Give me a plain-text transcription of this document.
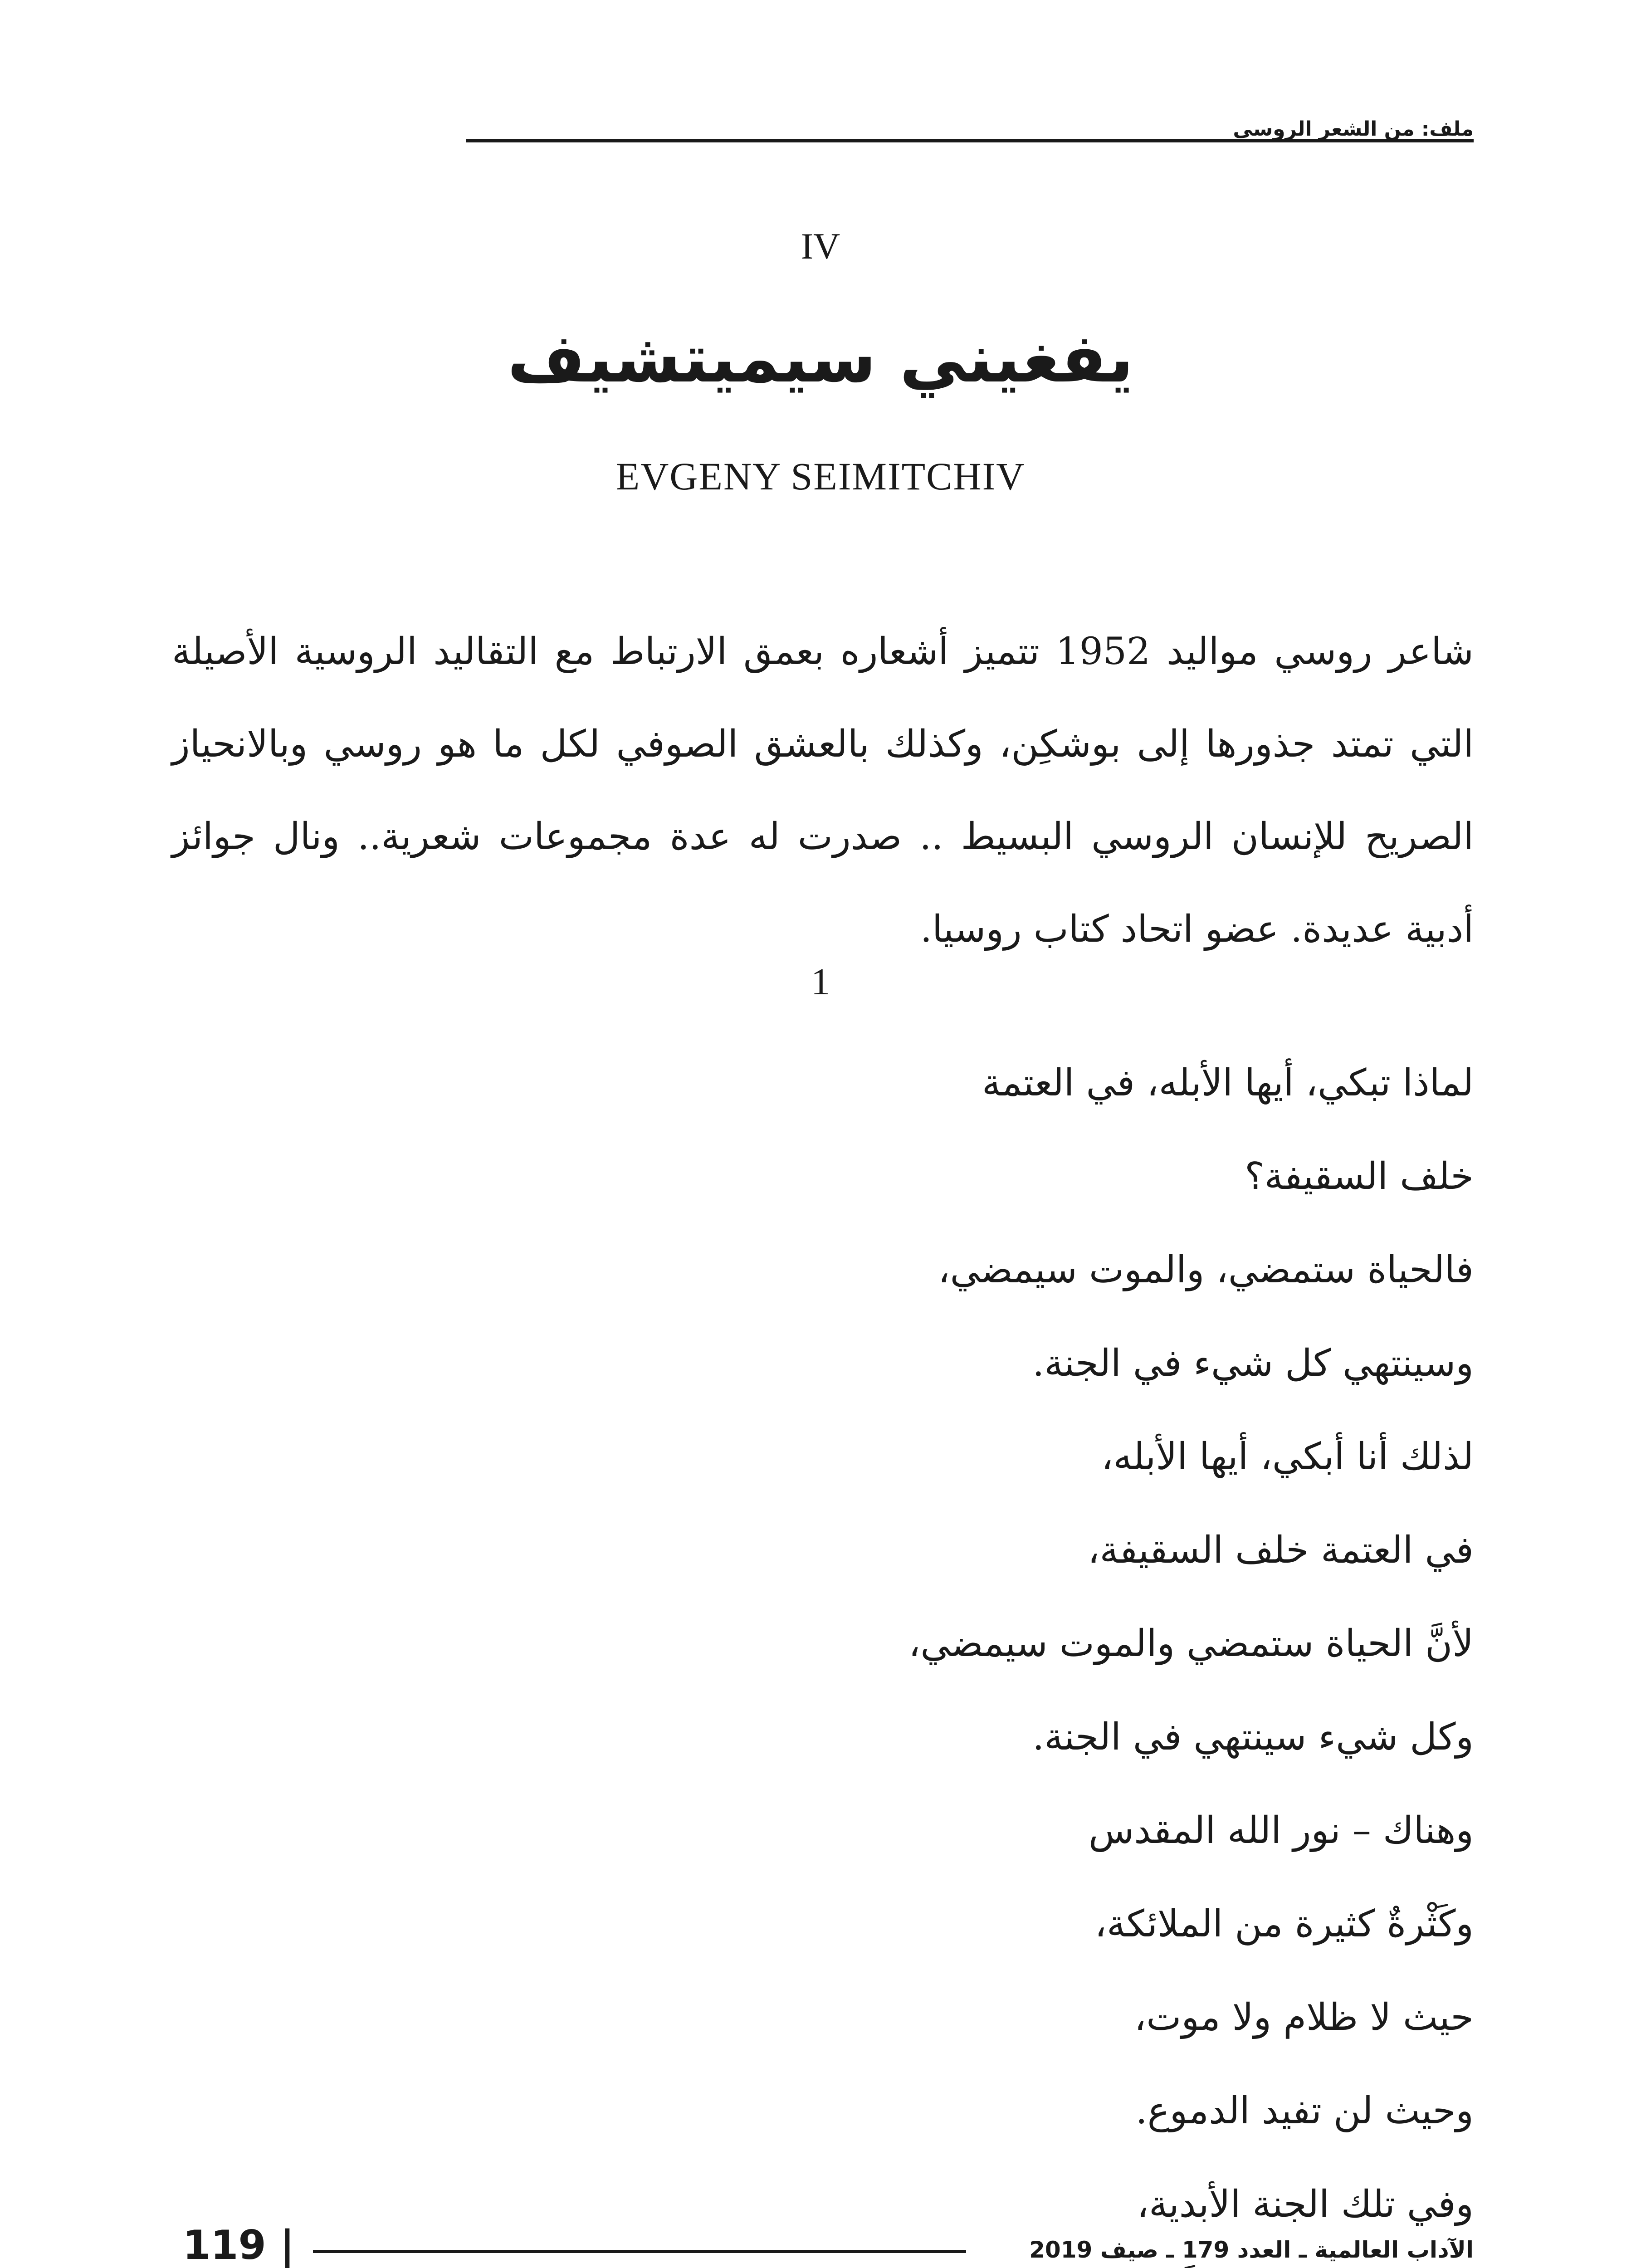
ملف: من الشعر الروسي
IV
يفغيني سيميتشيف
EVGENY SEIMITCHIV
شاعر روسي مواليد 1952 تتميز أشعاره بعمق الارتباط مع التقاليد الروسية الأصيلة
التي تمتد جذورها إلى بوشكِن، وكذلك بالعشق الصوفي لكل ما هو روسي وبالانحياز
الصريح للإنسان الروسي البسيط .. صدرت له عدة مجموعات شعرية.. ونال جوائز
أدبية عديدة. عضو اتحاد كتاب روسيا.
1
لماذا تبكي، أيها الأبله، في العتمة
خلف السقيفة؟
فالحياة ستمضي، والموت سيمضي،
وسينتهي كل شيء في الجنة.
لذلك أنا أبكي، أيها الأبله،
في العتمة خلف السقيفة،
لأنَّ الحياة ستمضي والموت سيمضي،
وكل شيء سينتهي في الجنة.
وهناك – نور الله المقدس
وكَثْرةٌ كثيرة من الملائكة،
حيث لا ظلام ولا موت،
وحيث لن تفيد الدموع.
وفي تلك الجنة الأبدية،
الآداب العالمية ـ العدد 179 ـ صيف 2019
119 |
